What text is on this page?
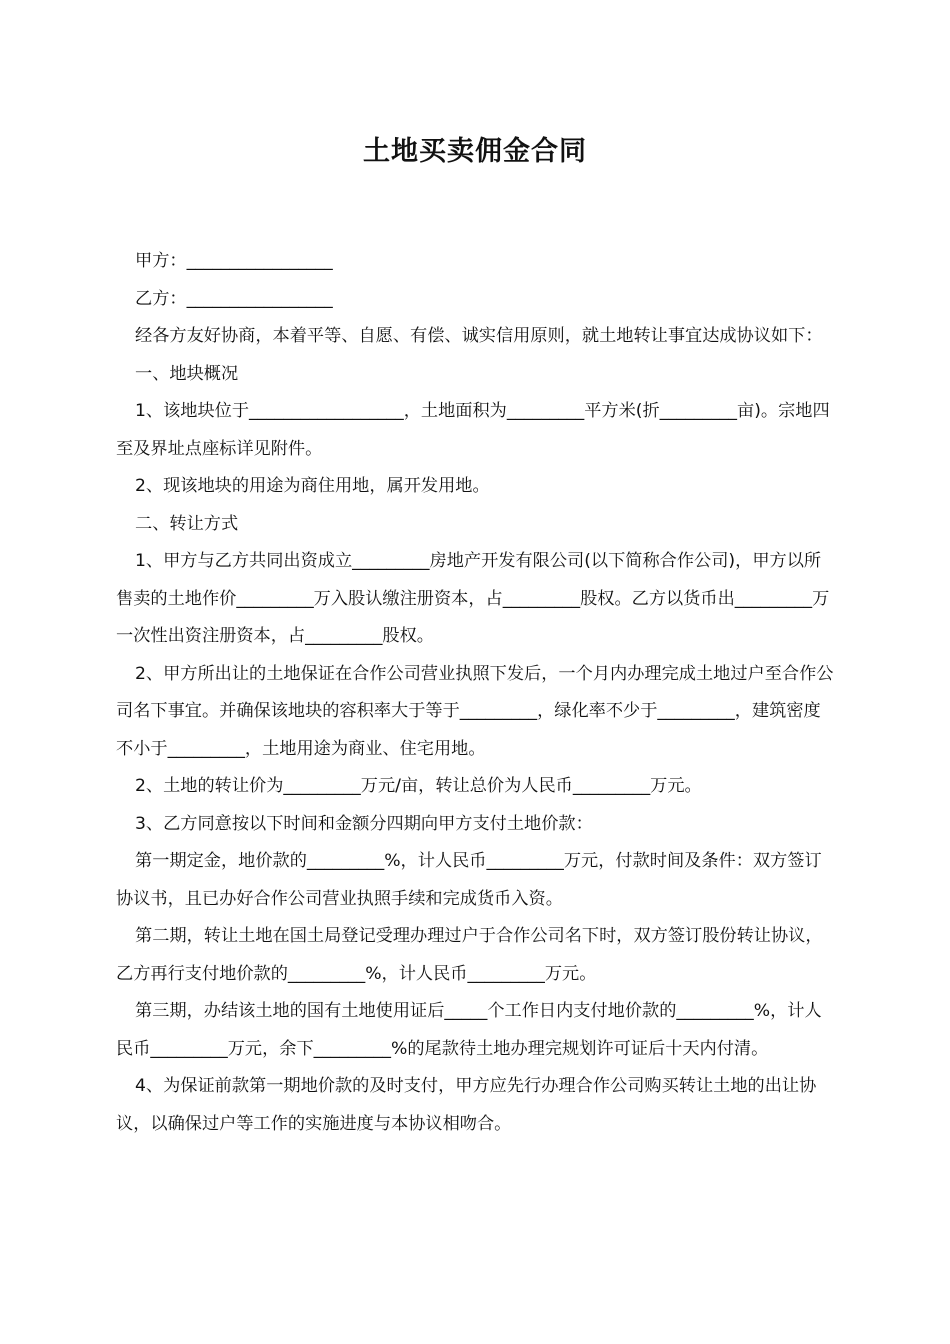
土地买卖佣金合同

甲方：_________________

乙方：_________________

经各方友好协商，本着平等、自愿、有偿、诚实信用原则，就土地转让事宜达成协议如下：

一、地块概况

1、该地块位于__________________，土地面积为_________平方米(折_________亩)。宗地四至及界址点座标详见附件。

2、现该地块的用途为商住用地，属开发用地。

二、转让方式

1、甲方与乙方共同出资成立_________房地产开发有限公司(以下简称合作公司)，甲方以所售卖的土地作价_________万入股认缴注册资本，占_________股权。乙方以货币出_________万一次性出资注册资本，占_________股权。

2、甲方所出让的土地保证在合作公司营业执照下发后，一个月内办理完成土地过户至合作公司名下事宜。并确保该地块的容积率大于等于_________，绿化率不少于_________，建筑密度不小于_________，土地用途为商业、住宅用地。

2、土地的转让价为_________万元/亩，转让总价为人民币_________万元。

3、乙方同意按以下时间和金额分四期向甲方支付土地价款：

第一期定金，地价款的_________%，计人民币_________万元，付款时间及条件：双方签订协议书，且已办好合作公司营业执照手续和完成货币入资。

第二期，转让土地在国土局登记受理办理过户于合作公司名下时，双方签订股份转让协议，乙方再行支付地价款的_________%，计人民币_________万元。

第三期，办结该土地的国有土地使用证后_____个工作日内支付地价款的_________%，计人民币_________万元，余下_________%的尾款待土地办理完规划许可证后十天内付清。

4、为保证前款第一期地价款的及时支付，甲方应先行办理合作公司购买转让土地的出让协议，以确保过户等工作的实施进度与本协议相吻合。
